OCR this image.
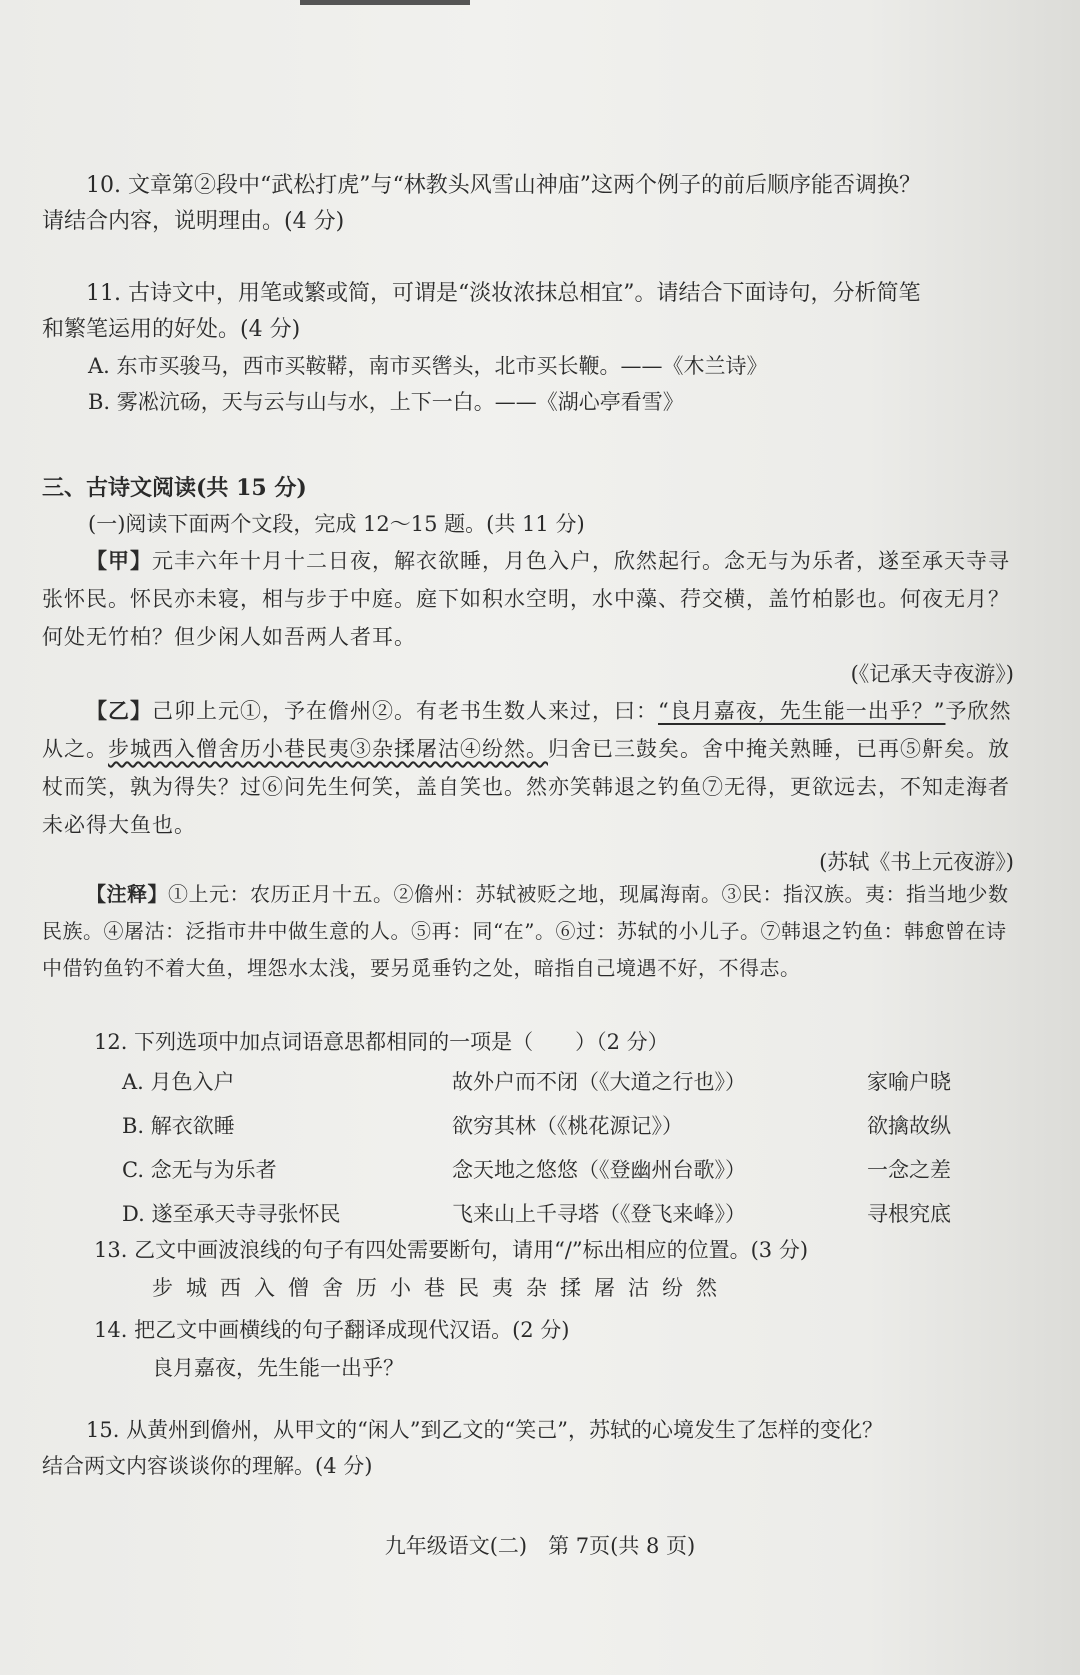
10. 文章第②段中“武松打虎”与“林教头风雪山神庙”这两个例子的前后顺序能否调换？

请结合内容，说明理由。(4 分)

11. 古诗文中，用笔或繁或简，可谓是“淡妆浓抹总相宜”。请结合下面诗句，分析简笔

和繁笔运用的好处。(4 分)

A. 东市买骏马，西市买鞍鞯，南市买辔头，北市买长鞭。——《木兰诗》

B. 雾凇沆砀，天与云与山与水，上下一白。——《湖心亭看雪》

三、古诗文阅读(共 15 分)

(一)阅读下面两个文段，完成 12～15 题。(共 11 分)

【甲】元丰六年十月十二日夜，解衣欲睡，月色入户，欣然起行。念无与为乐者，遂至承天寺寻张怀民。怀民亦未寝，相与步于中庭。庭下如积水空明，水中藻、荇交横，盖竹柏影也。何夜无月？何处无竹柏？但少闲人如吾两人者耳。

(《记承天寺夜游》)

【乙】己卯上元①，予在儋州②。有老书生数人来过，曰：“良月嘉夜，先生能一出乎？”予欣然从之。步城西入僧舍历小巷民夷③杂揉屠沽④纷然。归舍已三鼓矣。舍中掩关熟睡，已再⑤鼾矣。放杖而笑，孰为得失？过⑥问先生何笑，盖自笑也。然亦笑韩退之钓鱼⑦无得，更欲远去，不知走海者未必得大鱼也。

(苏轼《书上元夜游》)

【注释】①上元：农历正月十五。②儋州：苏轼被贬之地，现属海南。③民：指汉族。夷：指当地少数民族。④屠沽：泛指市井中做生意的人。⑤再：同“在”。⑥过：苏轼的小儿子。⑦韩退之钓鱼：韩愈曾在诗中借钓鱼钓不着大鱼，埋怨水太浅，要另觅垂钓之处，暗指自己境遇不好，不得志。

12. 下列选项中加点词语意思都相同的一项是（　　）（2 分）

A. 月色入户	故外户而不闭（《大道之行也》）	家喻户晓
B. 解衣欲睡	欲穷其林（《桃花源记》）	欲擒故纵
C. 念无与为乐者	念天地之悠悠（《登幽州台歌》）	一念之差
D. 遂至承天寺寻张怀民	飞来山上千寻塔（《登飞来峰》）	寻根究底

13. 乙文中画波浪线的句子有四处需要断句，请用“/”标出相应的位置。(3 分)

步城西入僧舍历小巷民夷杂揉屠沽纷然

14. 把乙文中画横线的句子翻译成现代汉语。(2 分)

良月嘉夜，先生能一出乎？

15. 从黄州到儋州，从甲文的“闲人”到乙文的“笑己”，苏轼的心境发生了怎样的变化？

结合两文内容谈谈你的理解。(4 分)

九年级语文(二)　第 7页(共 8 页)
